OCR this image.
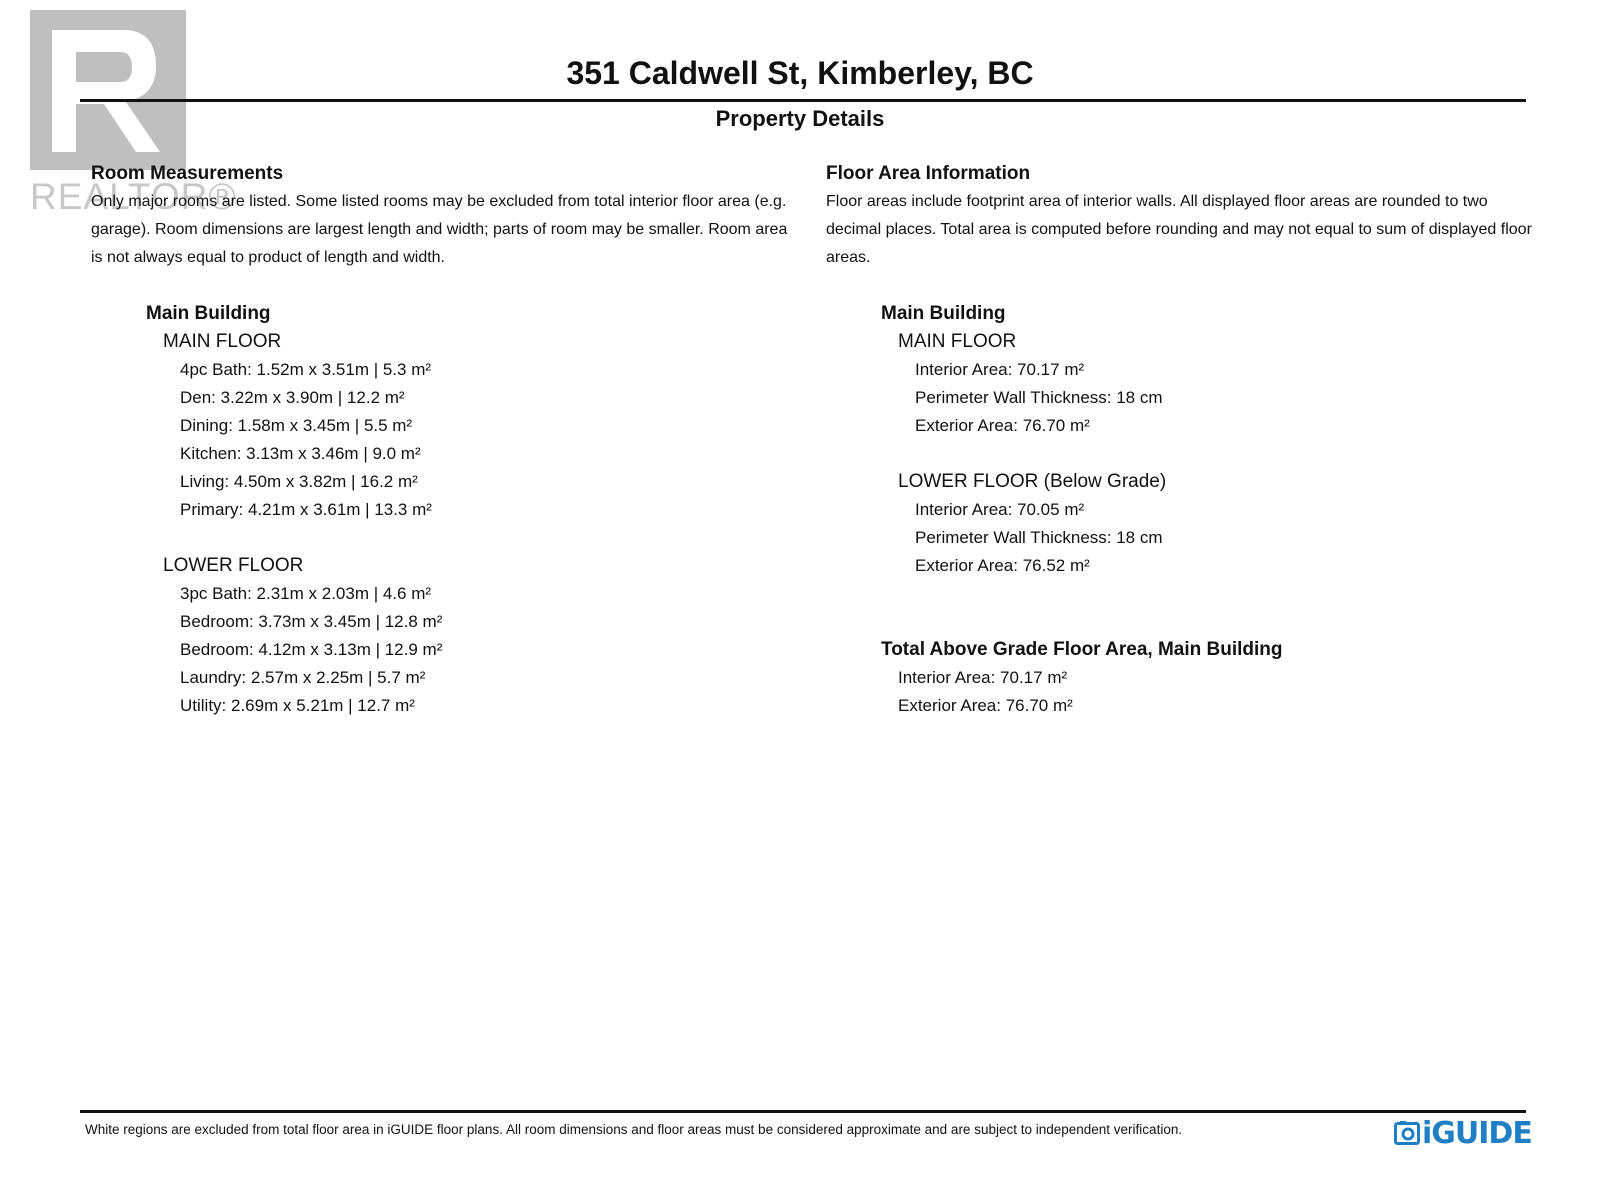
REALTOR®
351 Caldwell St, Kimberley, BC
Property Details
Room Measurements
Only major rooms are listed. Some listed rooms may be excluded from total interior floor area (e.g. garage). Room dimensions are largest length and width; parts of room may be smaller. Room area is not always equal to product of length and width.
Main Building
MAIN FLOOR
4pc Bath: 1.52m x 3.51m | 5.3 m²
Den: 3.22m x 3.90m | 12.2 m²
Dining: 1.58m x 3.45m | 5.5 m²
Kitchen: 3.13m x 3.46m | 9.0 m²
Living: 4.50m x 3.82m | 16.2 m²
Primary: 4.21m x 3.61m | 13.3 m²
LOWER FLOOR
3pc Bath: 2.31m x 2.03m | 4.6 m²
Bedroom: 3.73m x 3.45m | 12.8 m²
Bedroom: 4.12m x 3.13m | 12.9 m²
Laundry: 2.57m x 2.25m | 5.7 m²
Utility: 2.69m x 5.21m | 12.7 m²
Floor Area Information
Floor areas include footprint area of interior walls. All displayed floor areas are rounded to two decimal places. Total area is computed before rounding and may not equal to sum of displayed floor areas.
Main Building
MAIN FLOOR
Interior Area: 70.17 m²
Perimeter Wall Thickness: 18 cm
Exterior Area: 76.70 m²
LOWER FLOOR (Below Grade)
Interior Area: 70.05 m²
Perimeter Wall Thickness: 18 cm
Exterior Area: 76.52 m²
Total Above Grade Floor Area, Main Building
Interior Area: 70.17 m²
Exterior Area: 76.70 m²
White regions are excluded from total floor area in iGUIDE floor plans. All room dimensions and floor areas must be considered approximate and are subject to independent verification.	iGUIDE
